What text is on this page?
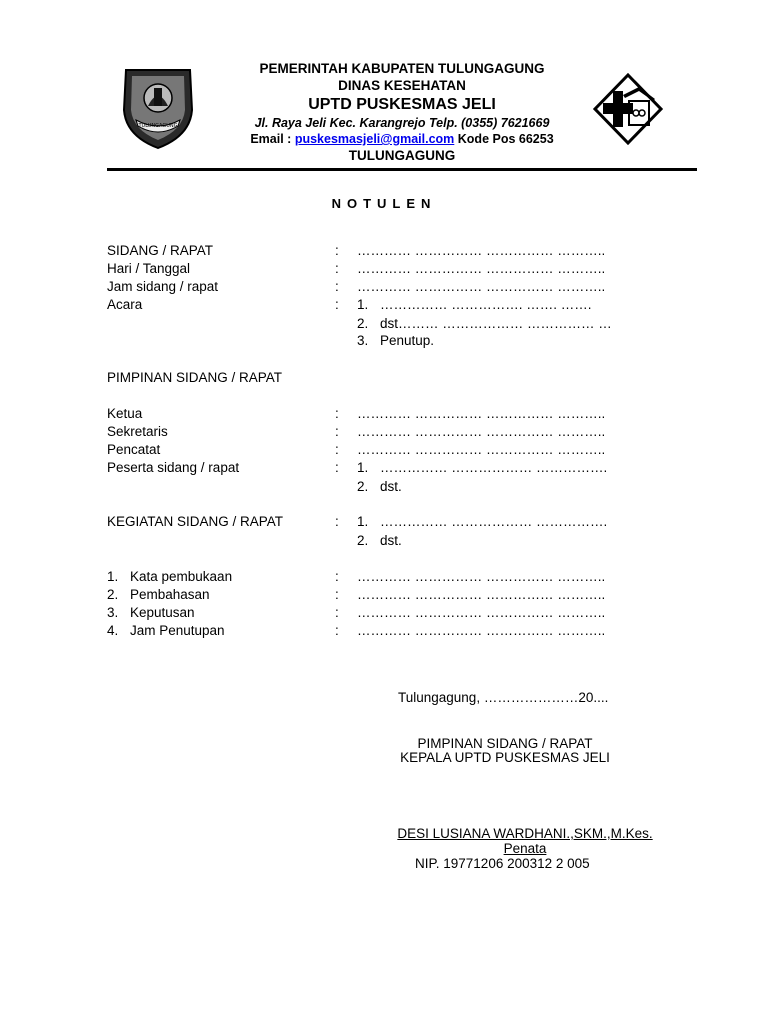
TULUNGAGUNG
PEMERINTAH KABUPATEN TULUNGAGUNG
DINAS KESEHATAN
UPTD PUSKESMAS JELI
Jl. Raya Jeli Kec. Karangrejo Telp. (0355) 7621669
Email : puskesmasjeli@gmail.com Kode Pos 66253
TULUNGAGUNG
NOTULEN
SIDANG / RAPAT	: ………… …………… …………… ………..
Hari / Tanggal	: ………… …………… …………… ………..
Jam sidang / rapat	: ………… …………… …………… ………..
Acara	: 1. …………… ……………. ……. …….
2. dst……… ……………… …………… …
3. Penutup.
PIMPINAN SIDANG / RAPAT
Ketua	: ………… …………… …………… ………..
Sekretaris	: ………… …………… …………… ………..
Pencatat	: ………… …………… …………… ………..
Peserta sidang / rapat	: 1. …………… ……………… …………….
2. dst.
KEGIATAN SIDANG / RAPAT	: 1. …………… ……………… …………….
2. dst.
1. Kata pembukaan	: ………… …………… …………… ………..
2. Pembahasan	: ………… …………… …………… ………..
3. Keputusan	: ………… …………… …………… ………..
4. Jam Penutupan	: ………… …………… …………… ………..
Tulungagung, …………………20....
PIMPINAN SIDANG / RAPAT
KEPALA UPTD PUSKESMAS JELI
DESI LUSIANA WARDHANI.,SKM.,M.Kes.
Penata
NIP. 19771206 200312 2 005
